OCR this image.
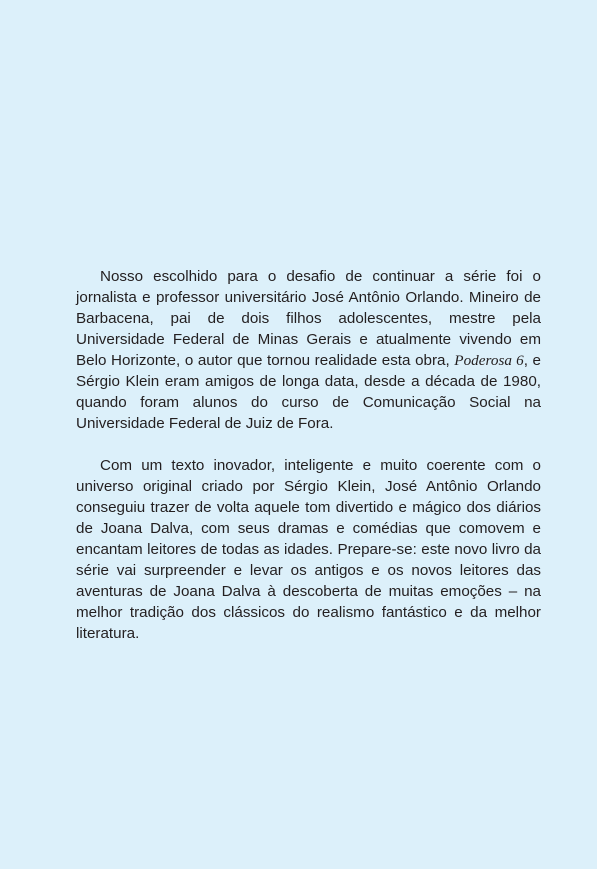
Nosso escolhido para o desafio de continuar a série foi o jornalista e professor universitário José Antônio Orlando. Mineiro de Barbacena, pai de dois filhos adolescentes, mestre pela Universidade Federal de Minas Gerais e atualmente vivendo em Belo Horizonte, o autor que tornou realidade esta obra, Poderosa 6, e Sérgio Klein eram amigos de longa data, desde a década de 1980, quando foram alunos do curso de Comunicação Social na Universidade Federal de Juiz de Fora.

Com um texto inovador, inteligente e muito coerente com o universo original criado por Sérgio Klein, José Antônio Orlando conseguiu trazer de volta aquele tom divertido e mágico dos diários de Joana Dalva, com seus dramas e comédias que comovem e encantam leitores de todas as idades. Prepare-se: este novo livro da série vai surpreender e levar os antigos e os novos leitores das aventuras de Joana Dalva à descoberta de muitas emoções – na melhor tradição dos clássicos do realismo fantástico e da melhor literatura.
